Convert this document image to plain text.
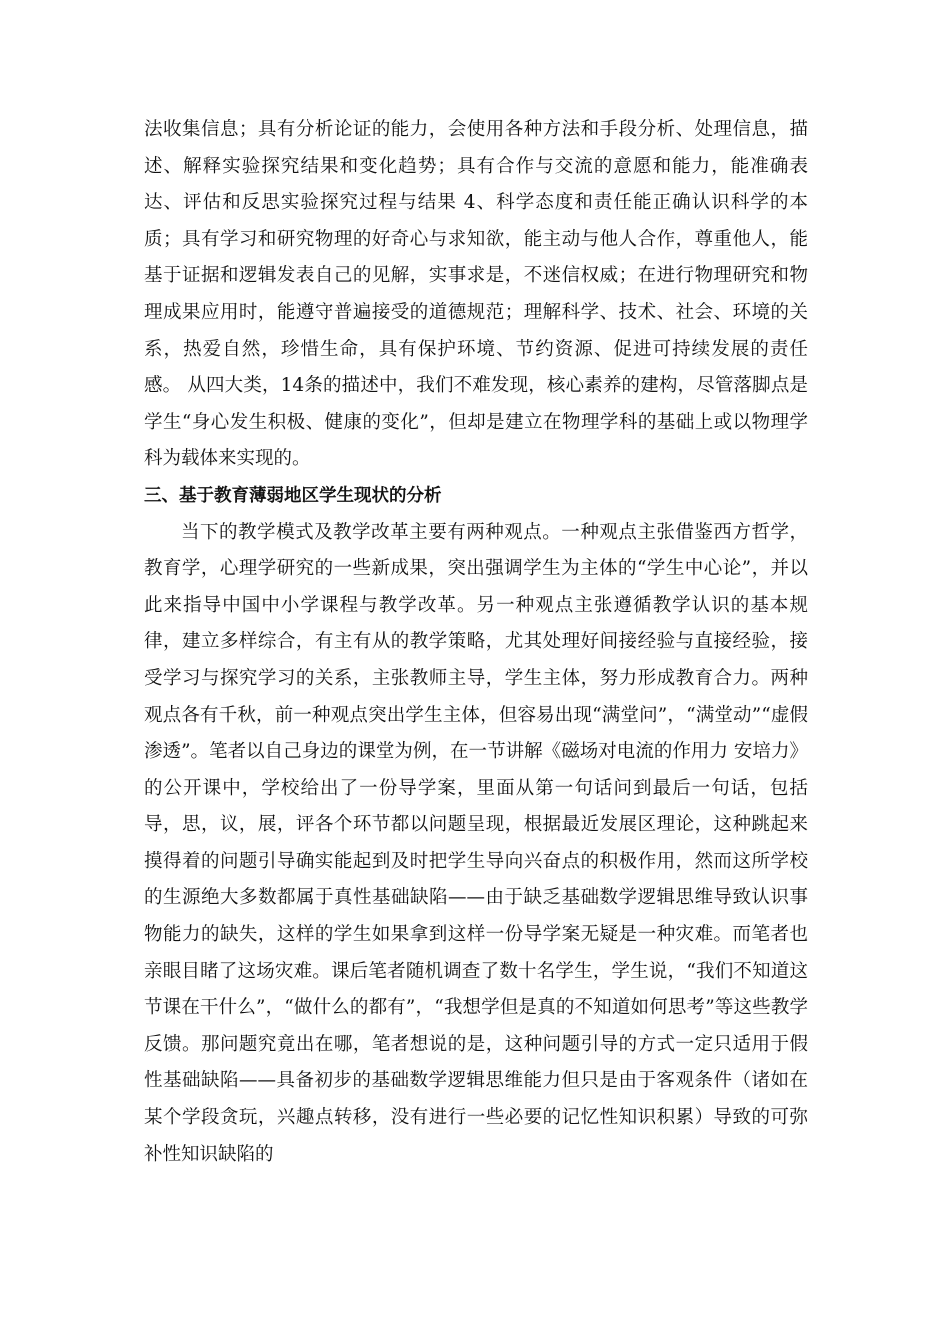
法收集信息；具有分析论证的能力，会使用各种方法和手段分析、处理信息，描述、解释实验探究结果和变化趋势；具有合作与交流的意愿和能力，能准确表达、评估和反思实验探究过程与结果 4、科学态度和责任能正确认识科学的本质；具有学习和研究物理的好奇心与求知欲，能主动与他人合作，尊重他人，能基于证据和逻辑发表自己的见解，实事求是，不迷信权威；在进行物理研究和物理成果应用时，能遵守普遍接受的道德规范；理解科学、技术、社会、环境的关系，热爱自然，珍惜生命，具有保护环境、节约资源、促进可持续发展的责任感。 从四大类，14条的描述中，我们不难发现，核心素养的建构，尽管落脚点是学生“身心发生积极、健康的变化”，但却是建立在物理学科的基础上或以物理学科为载体来实现的。

三、基于教育薄弱地区学生现状的分析

当下的教学模式及教学改革主要有两种观点。一种观点主张借鉴西方哲学，教育学，心理学研究的一些新成果，突出强调学生为主体的“学生中心论”，并以此来指导中国中小学课程与教学改革。另一种观点主张遵循教学认识的基本规律，建立多样综合，有主有从的教学策略，尤其处理好间接经验与直接经验，接受学习与探究学习的关系，主张教师主导，学生主体，努力形成教育合力。两种观点各有千秋，前一种观点突出学生主体，但容易出现“满堂问”，“满堂动”“虚假渗透”。笔者以自己身边的课堂为例，在一节讲解《磁场对电流的作用力 安培力》的公开课中，学校给出了一份导学案，里面从第一句话问到最后一句话，包括导，思，议，展，评各个环节都以问题呈现，根据最近发展区理论，这种跳起来摸得着的问题引导确实能起到及时把学生导向兴奋点的积极作用，然而这所学校的生源绝大多数都属于真性基础缺陷——由于缺乏基础数学逻辑思维导致认识事物能力的缺失，这样的学生如果拿到这样一份导学案无疑是一种灾难。而笔者也亲眼目睹了这场灾难。课后笔者随机调查了数十名学生，学生说，“我们不知道这节课在干什么”，“做什么的都有”，“我想学但是真的不知道如何思考”等这些教学反馈。那问题究竟出在哪，笔者想说的是，这种问题引导的方式一定只适用于假性基础缺陷——具备初步的基础数学逻辑思维能力但只是由于客观条件（诸如在某个学段贪玩，兴趣点转移，没有进行一些必要的记忆性知识积累）导致的可弥补性知识缺陷的
